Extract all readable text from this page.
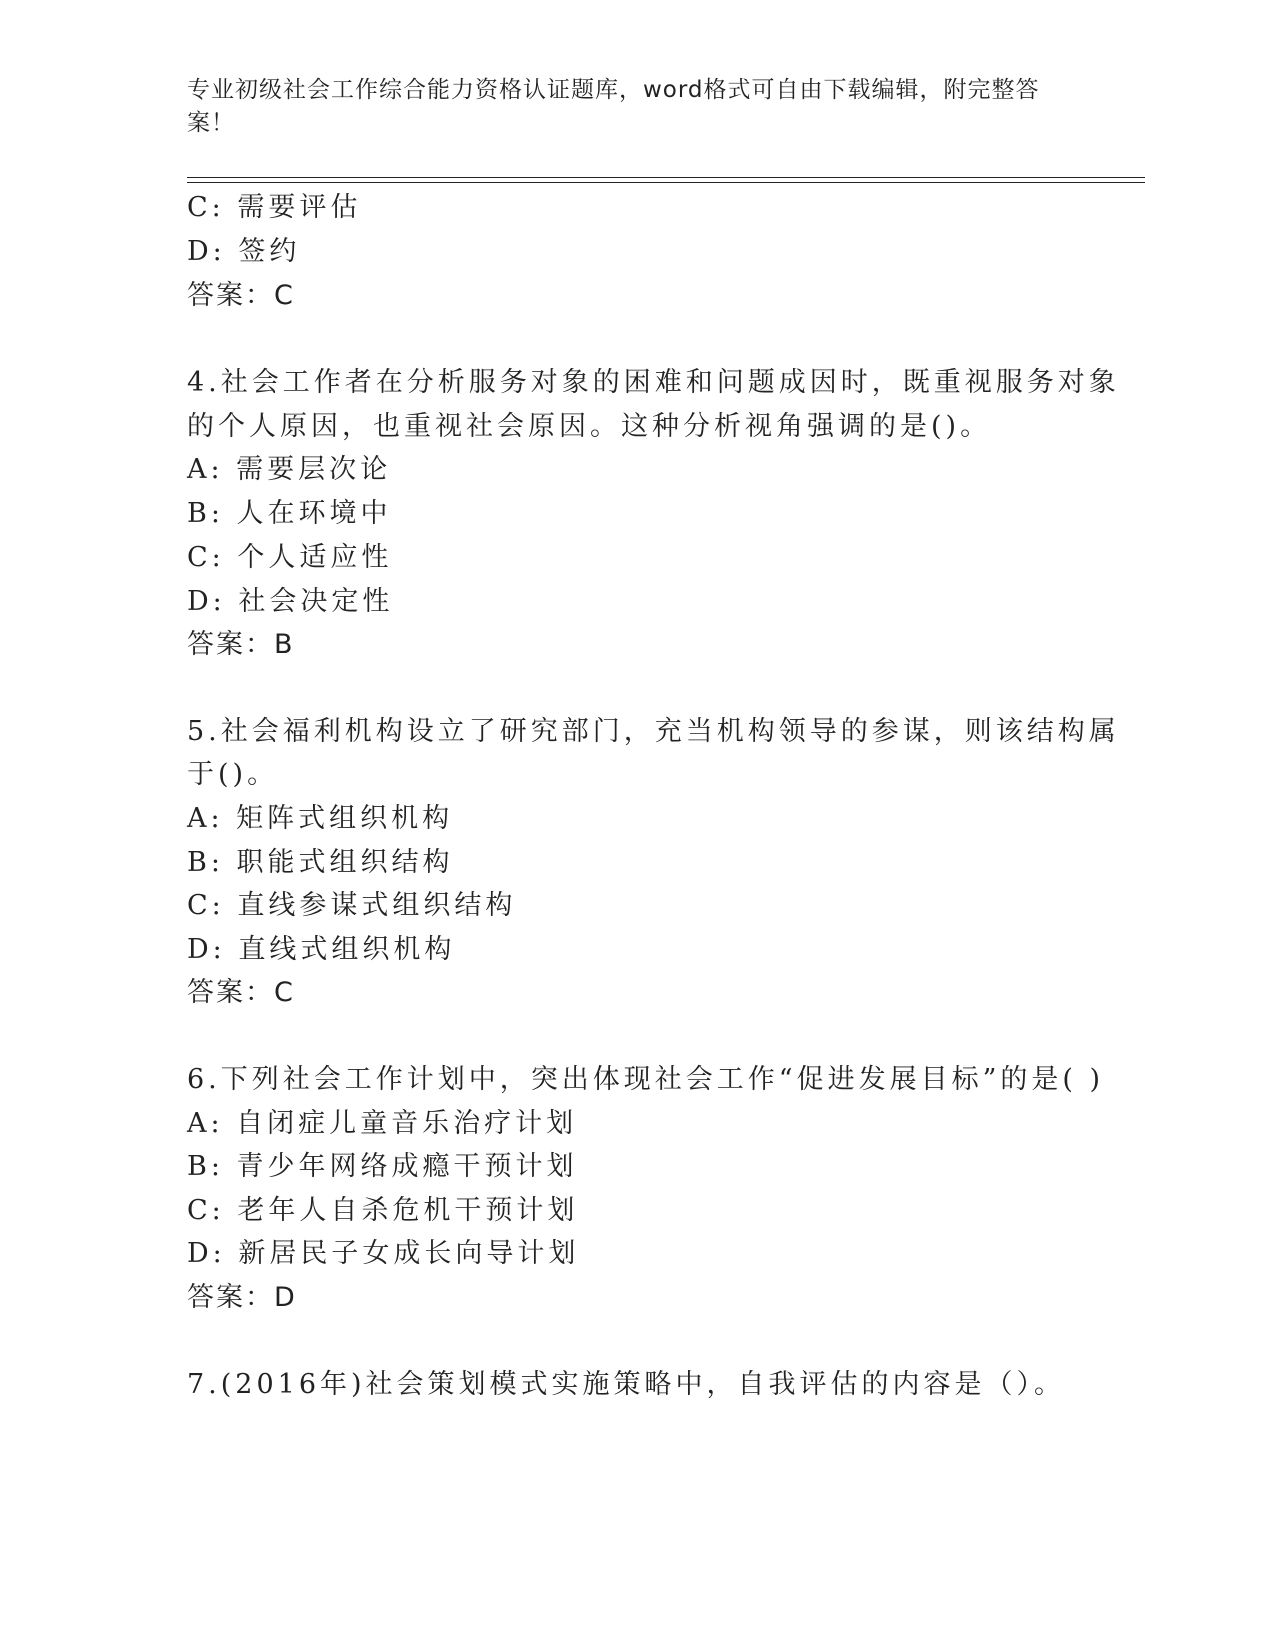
专业初级社会工作综合能力资格认证题库，word格式可自由下载编辑，附完整答案！
C: 需要评估
D: 签约
答案：C
4.社会工作者在分析服务对象的困难和问题成因时，既重视服务对象
的个人原因，也重视社会原因。这种分析视角强调的是()。
A: 需要层次论
B: 人在环境中
C: 个人适应性
D: 社会决定性
答案：B
5.社会福利机构设立了研究部门，充当机构领导的参谋，则该结构属
于()。
A: 矩阵式组织机构
B: 职能式组织结构
C: 直线参谋式组织结构
D: 直线式组织机构
答案：C
6.下列社会工作计划中，突出体现社会工作“促进发展目标”的是( )
A: 自闭症儿童音乐治疗计划
B: 青少年网络成瘾干预计划
C: 老年人自杀危机干预计划
D: 新居民子女成长向导计划
答案：D
7.(2016年)社会策划模式实施策略中，自我评估的内容是（）。
